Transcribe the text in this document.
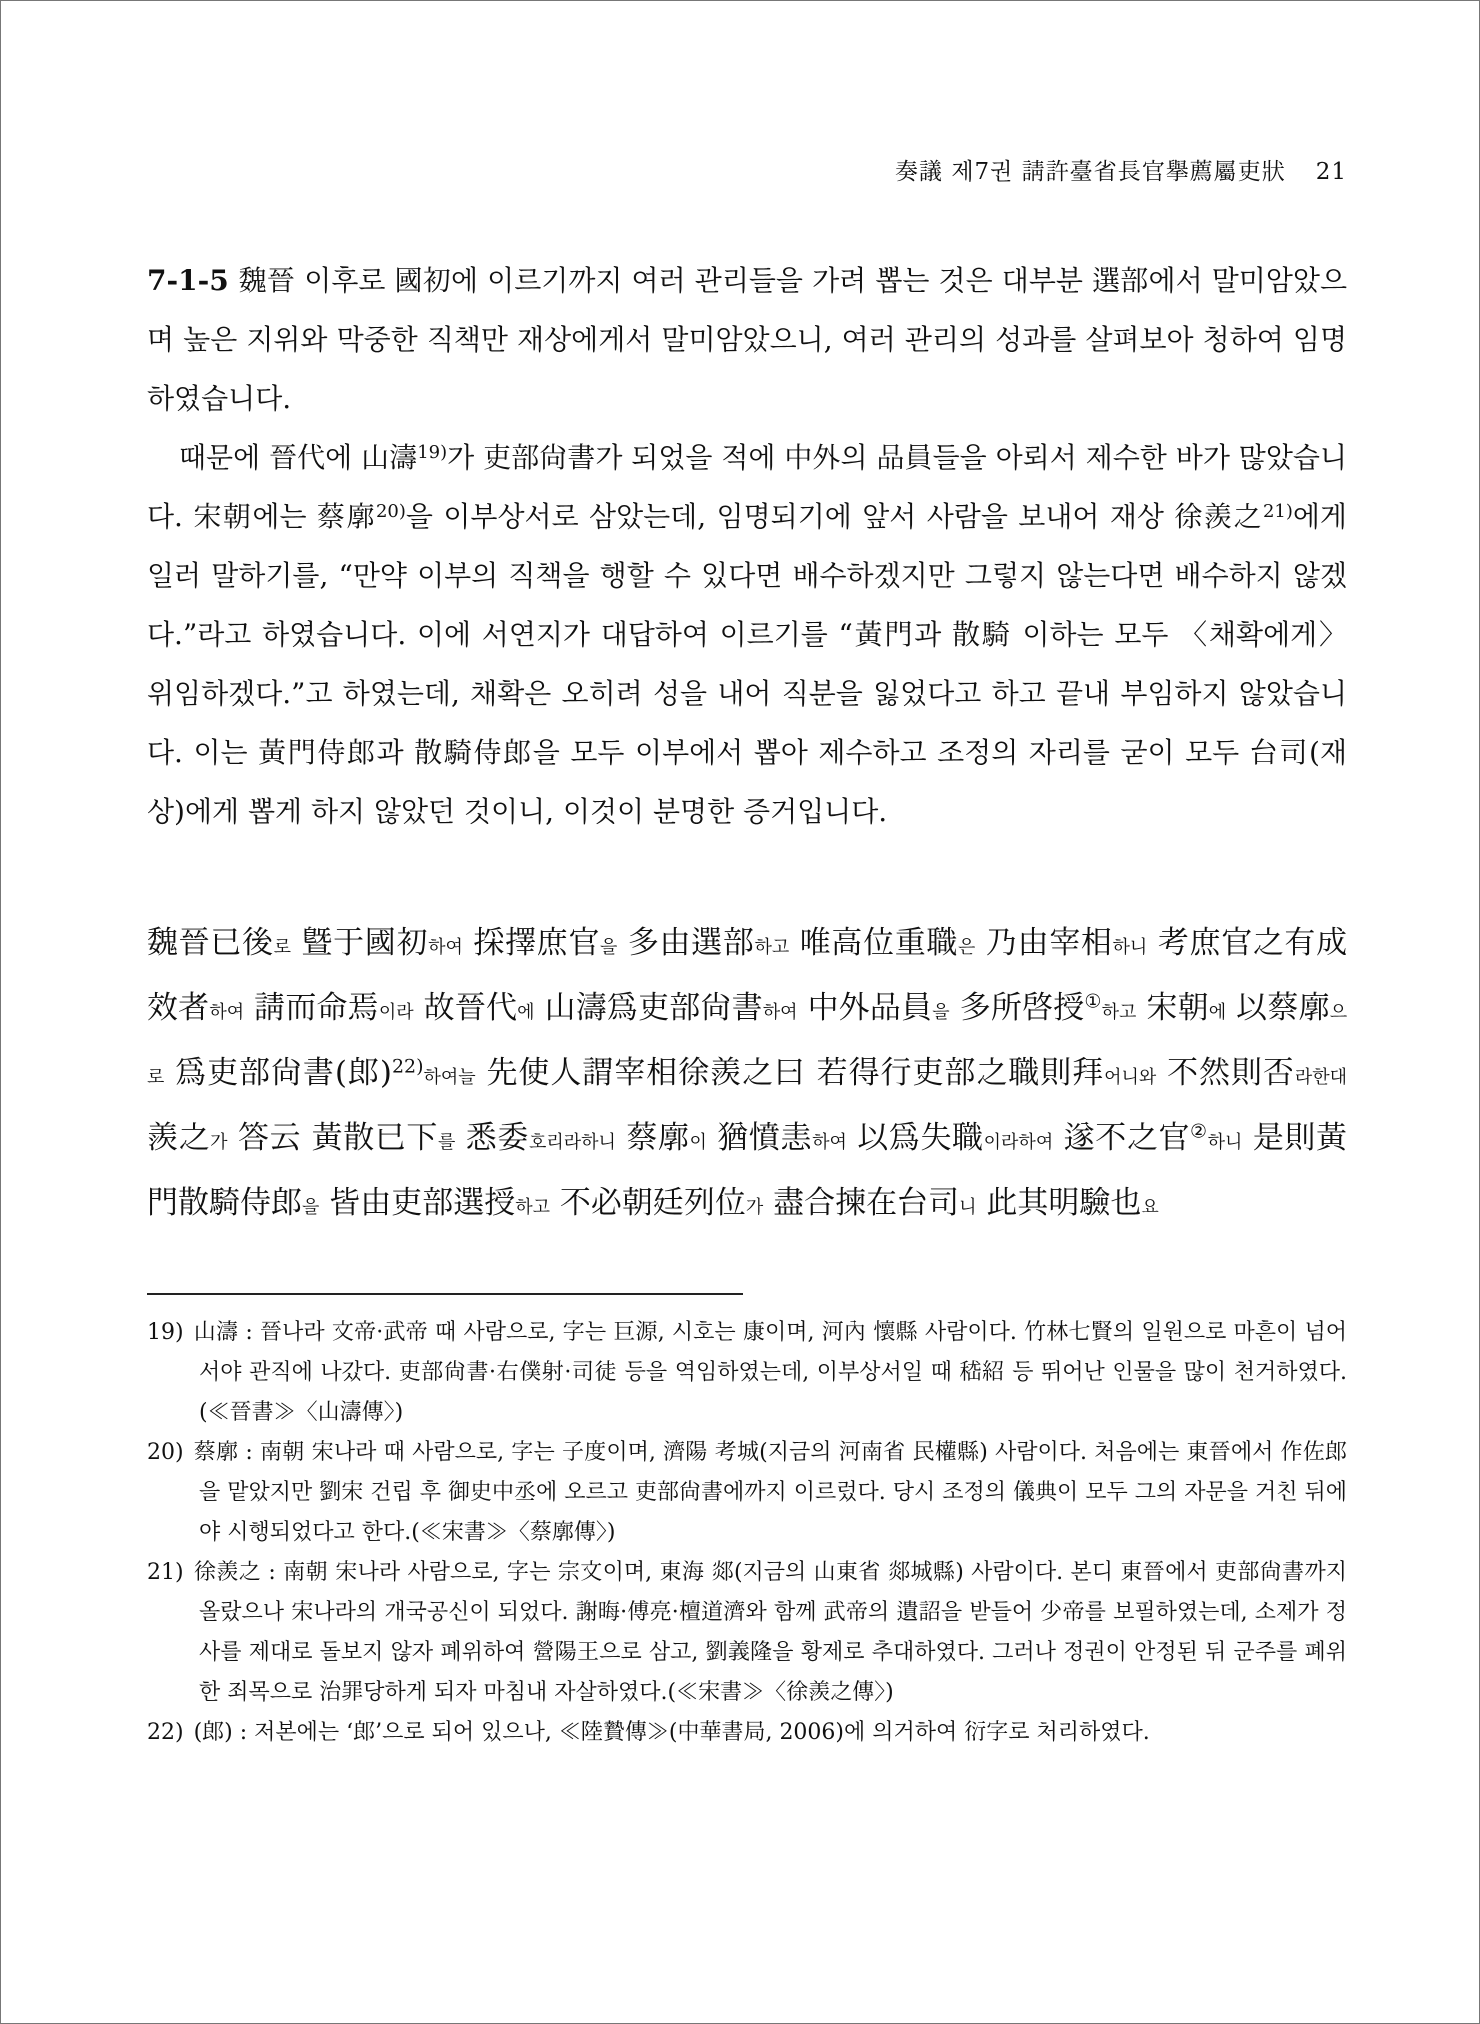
奏議 제7권 請許臺省長官擧薦屬吏狀 21

7-1-5 魏晉 이후로 國初에 이르기까지 여러 관리들을 가려 뽑는 것은 대부분 選部에서 말미암았으며 높은 지위와 막중한 직책만 재상에게서 말미암았으니, 여러 관리의 성과를 살펴보아 청하여 임명하였습니다.

때문에 晉代에 山濤$^{19)}$가 吏部尙書가 되었을 적에 中外의 品員들을 아뢰서 제수한 바가 많았습니다. 宋朝에는 蔡廓$^{20)}$을 이부상서로 삼았는데, 임명되기에 앞서 사람을 보내어 재상 徐羨之$^{21)}$에게 일러 말하기를, “만약 이부의 직책을 행할 수 있다면 배수하겠지만 그렇지 않는다면 배수하지 않겠다.”라고 하였습니다. 이에 서연지가 대답하여 이르기를 “黃門과 散騎 이하는 모두 〈채확에게〉 위임하겠다.”고 하였는데, 채확은 오히려 성을 내어 직분을 잃었다고 하고 끝내 부임하지 않았습니다. 이는 黃門侍郞과 散騎侍郞을 모두 이부에서 뽑아 제수하고 조정의 자리를 굳이 모두 台司(재상)에게 뽑게 하지 않았던 것이니, 이것이 분명한 증거입니다.

魏晉已後로 曁于國初하여 採擇庶官을 多由選部하고 唯高位重職은 乃由宰相하니 考庶官之有成效者하여 請而命焉이라 故晉代에 山濤爲吏部尙書하여 中外品員을 多所啓授①하고 宋朝에 以蔡廓으로 爲吏部尙書(郞)$^{22)}$하여늘 先使人謂宰相徐羨之曰 若得行吏部之職則拜어니와 不然則否라한대 羨之가 答云 黃散已下를 悉委호리라하니 蔡廓이 猶憤恚하여 以爲失職이라하여 遂不之官②하니 是則黃門散騎侍郞을 皆由吏部選授하고 不必朝廷列位가 盡合揀在台司니 此其明驗也요

19) 山濤 : 晉나라 文帝·武帝 때 사람으로, 字는 巨源, 시호는 康이며, 河內 懷縣 사람이다. 竹林七賢의 일원으로 마흔이 넘어서야 관직에 나갔다. 吏部尙書·右僕射·司徒 등을 역임하였는데, 이부상서일 때 嵇紹 등 뛰어난 인물을 많이 천거하였다.(≪晉書≫〈山濤傳〉)

20) 蔡廓 : 南朝 宋나라 때 사람으로, 字는 子度이며, 濟陽 考城(지금의 河南省 民權縣) 사람이다. 처음에는 東晉에서 作佐郞을 맡았지만 劉宋 건립 후 御史中丞에 오르고 吏部尙書에까지 이르렀다. 당시 조정의 儀典이 모두 그의 자문을 거친 뒤에야 시행되었다고 한다.(≪宋書≫〈蔡廓傳〉)

21) 徐羨之 : 南朝 宋나라 사람으로, 字는 宗文이며, 東海 郯(지금의 山東省 郯城縣) 사람이다. 본디 東晉에서 吏部尙書까지 올랐으나 宋나라의 개국공신이 되었다. 謝晦·傅亮·檀道濟와 함께 武帝의 遺詔을 받들어 少帝를 보필하였는데, 소제가 정사를 제대로 돌보지 않자 폐위하여 營陽王으로 삼고, 劉義隆을 황제로 추대하였다. 그러나 정권이 안정된 뒤 군주를 폐위한 죄목으로 治罪당하게 되자 마침내 자살하였다.(≪宋書≫〈徐羨之傳〉)

22) (郞) : 저본에는 ‘郞’으로 되어 있으나, ≪陸贄傳≫(中華書局, 2006)에 의거하여 衍字로 처리하였다.
